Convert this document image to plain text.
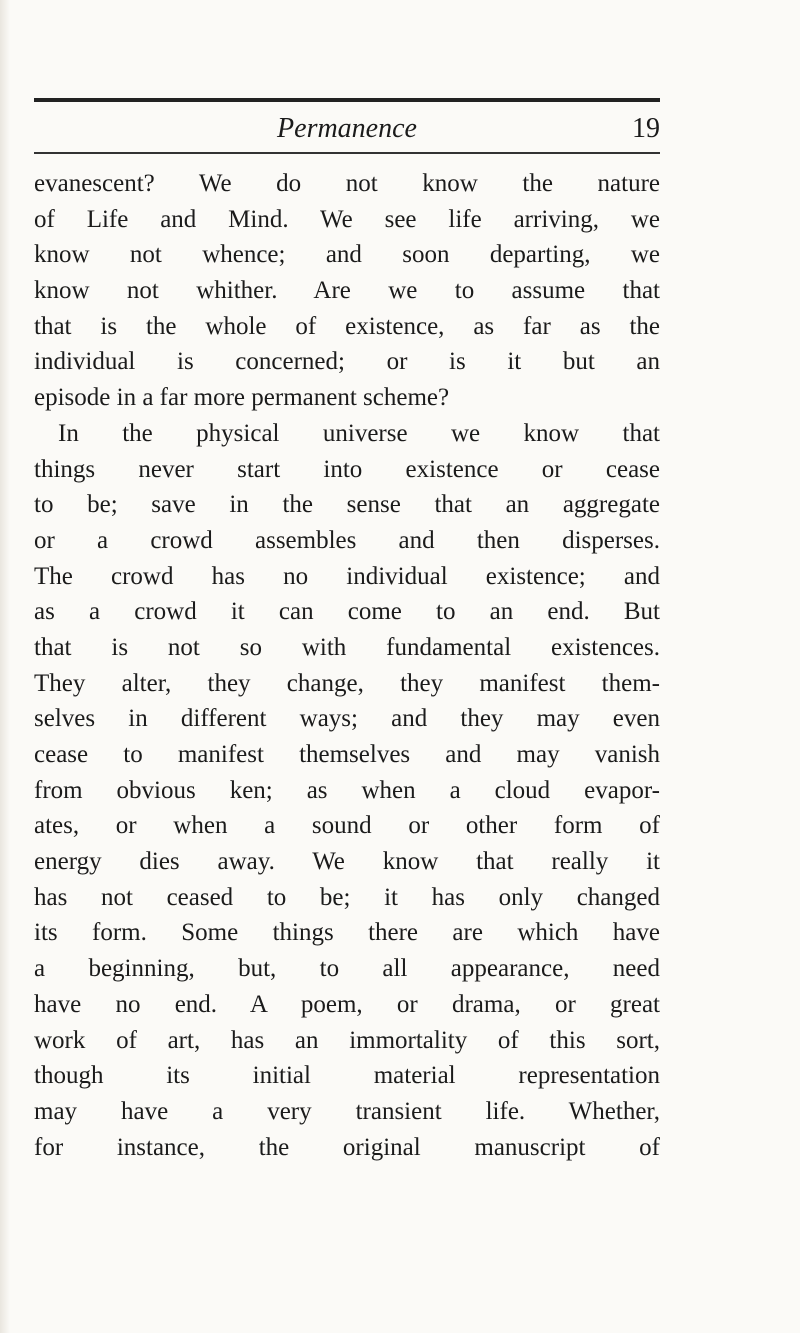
Permanence	19
evanescent? We do not know the nature
of Life and Mind. We see life arriving, we
know not whence; and soon departing, we
know not whither. Are we to assume that
that is the whole of existence, as far as the
individual is concerned; or is it but an
episode in a far more permanent scheme?
In the physical universe we know that
things never start into existence or cease
to be; save in the sense that an aggregate
or a crowd assembles and then disperses.
The crowd has no individual existence; and
as a crowd it can come to an end. But
that is not so with fundamental existences.
They alter, they change, they manifest them-
selves in different ways; and they may even
cease to manifest themselves and may vanish
from obvious ken; as when a cloud evapor-
ates, or when a sound or other form of
energy dies away. We know that really it
has not ceased to be; it has only changed
its form. Some things there are which have
a beginning, but, to all appearance, need
have no end. A poem, or drama, or great
work of art, has an immortality of this sort,
though its initial material representation
may have a very transient life. Whether,
for instance, the original manuscript of
